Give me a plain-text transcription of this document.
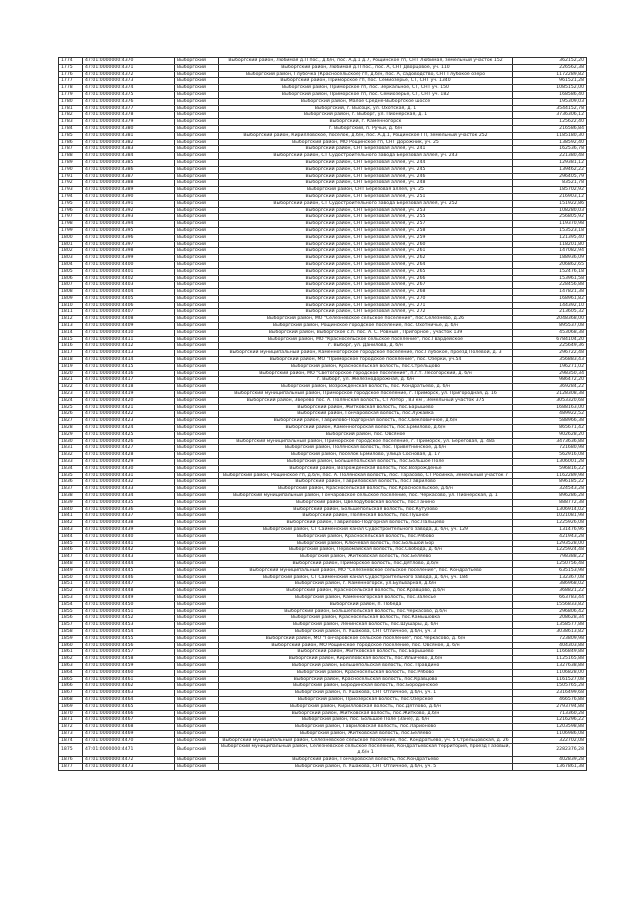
1774	47:01:0000000:4370	Выборгский	Выборгский район, Любимая д.П пос., д.б/н, пос. А.д.1 д.7, Рощинское гп, СНТ Любимая, земельный участок 152	362152,20
1775	47:01:0000000:4371	Выборгский	Выборгский район, Любимая д.П пос., пос. А, СНТ Дворцовое, уч. 110	226562,38
1776	47:01:0000000:4372	Выборгский	Выборгский район, Глубочка (Красносельское) гп, д.б/н, пос. А, садоводство, СНТ Глубокое озеро	1172289,82
1777	47:01:0000000:4373	Выборгский	Выборгский район, Приморское гп, пос. Семиозерье, СТ, СНТ уч. 1340	961521,28
1778	47:01:0000000:4374	Выборгский	Выборгский район, Приморское гп, пос. Зеркальное, СТ, СНТ уч. 150	1085152,00
1779	47:01:0000000:4375	Выборгский	Выборгский район, Приморское гп, пос. Семиозерье, СТ, СНТ уч. 182	168586,40
1780	47:01:0000000:4376	Выборгский	Выборгский район, Малое Средне-Выборгское шоссе	195309,03
1781	47:01:0000000:4377	Выборгский	Выборгский, г. Высоцк, ул. Охотская, д. 1	3544152,78
1782	47:01:0000000:4378	Выборгский	Выборгский район, г. Выборг, ул. Пионерская, д. 1	3736306,12
1783	47:01:0000000:4379	Выборгский	Выборгский, г. Каменногорск	125622,40
1784	47:01:0000000:4380	Выборгский	г. Выборгский, п. Ручьи, д. б/н	216586,84
1785	47:01:0000000:4381	Выборгский	Выборгский район, Кирилловское, поселок, д.б/н, пос. А.д.1, Рощинское ГП, земельный участок 252	1185180,30
1786	47:01:0000000:4382	Выборгский	Выборгский район, МО Рощинское гп, СНТ Дорожник, уч. 25	138592,40
1787	47:01:0000000:4383	Выборгский	Выборгский район, СНТ Березовая аллея, уч. 241	162536,78
1788	47:01:0000000:4384	Выборгский	Выборгский район, СТ Судостроительного завода Березовая аллея, уч. 243	221380,48
1789	47:01:0000000:4385	Выборгский	Выборгский район, СНТ Березовая аллея, уч. 244	129381,12
1790	47:01:0000000:4386	Выборгский	Выборгский район, СНТ Березовая аллея, уч. 245	139462,22
1791	47:01:0000000:4387	Выборгский	Выборгский район, СНТ Березовая аллея, уч. 246	296405,79
1792	47:01:0000000:4388	Выборгский	Выборгский район, СНТ Березовая аллея, уч. 248	83521,78
1793	47:01:0000000:4389	Выборгский	Выборгский район, СНТ Березовая аллея, уч. 25	185702,92
1794	47:01:0000000:4390	Выборгский	Выборгский район, СНТ Березовая аллея, уч. 251	216903,12
1795	47:01:0000000:4391	Выборгский	Выборгский район, СТ Судостроительного завода Березовая аллея, уч. 252	151922,86
1796	47:01:0000000:4392	Выборгский	Выборгский район, СНТ Березовая аллея, уч. 253	108280,03
1797	47:01:0000000:4393	Выборгский	Выборгский район, СНТ Березовая аллея, уч. 255	256805,92
1798	47:01:0000000:4394	Выборгский	Выборгский район, СНТ Березовая аллея, уч. 257	119370,98
1799	47:01:0000000:4395	Выборгский	Выборгский район, СНТ Березовая аллея, уч. 258	153523,18
1800	47:01:0000000:4396	Выборгский	Выборгский район, СНТ Березовая аллея, уч. 259	121395,40
1801	47:01:0000000:4397	Выборгский	Выборгский район, СНТ Березовая аллея, уч. 260	118201,80
1802	47:01:0000000:4398	Выборгский	Выборгский район, СНТ Березовая аллея, уч. 261	147082,94
1803	47:01:0000000:4399	Выборгский	Выборгский район, СНТ Березовая аллея, уч. 262	188936,09
1804	47:01:0000000:4400	Выборгский	Выборгский район, СНТ Березовая аллея, уч. 264	206862,65
1805	47:01:0000000:4401	Выборгский	Выборгский район, СНТ Березовая аллея, уч. 265	152476,18
1806	47:01:0000000:4402	Выборгский	Выборгский район, СНТ Березовая аллея, уч. 266	153961,58
1807	47:01:0000000:4403	Выборгский	Выборгский район, СНТ Березовая аллея, уч. 267	228456,88
1808	47:01:0000000:4404	Выборгский	Выборгский район, СНТ Березовая аллея, уч. 268	147821,38
1809	47:01:0000000:4405	Выборгский	Выборгский район, СНТ Березовая аллея, уч. 270	168961,82
1810	47:01:0000000:4406	Выборгский	Выборгский район, СНТ Березовая аллея, уч. 271	144392,10
1811	47:01:0000000:4407	Выборгский	Выборгский район, СНТ Березовая аллея, уч. 272	213605,32
1812	47:01:0000000:4408	Выборгский	Выборгский район, МО "Селезневское сельское поселение", пос.Селезнево, д.26	2048368,00
1813	47:01:0000000:4409	Выборгский	Выборгский район, Рощинское городское поселение, пос. Охотничье, д. б/н	895537,08
1814	47:01:0000000:4410	Выборгский	Выборгский район, Выборгское с.п. пос. А. С. Ровный , Пригорное , участок 139	453068,38
1815	47:01:0000000:4411	Выборгский	Выборгский район, МО "Красносельское сельское поселение", пос.Гвардейское	6784104,20
1816	47:01:0000000:4412	Выборгский	г. Выборг, ул. Данилова, д. б/н	225649,36
1817	47:01:0000000:4413	Выборгский	Выборгский муниципальный район, Каменногорское городское поселение, пос.Глубокое, проезд Полевой, д. 3	296722,48
1818	47:01:0000000:4414	Выборгский	Выборгский район, МО "Приморское городское поселение", пос. Озерки, уч.54	356883,43
1819	47:01:0000000:4415	Выборгский	Выборгский район, Красносельская волость, пос.Стрельцово	196271,02
1820	47:01:0000000:4416	Выборгский	Выборгский район, МО "Светогорское городское поселение", п.г.т. Лесогорский, д. б/н	298350,34
1821	47:01:0000000:4417	Выборгский	г. Выборг, ул. Железнодорожная, д. б/н	986472,20
1822	47:01:0000000:4418	Выборгский	Выборгский район, Возрожденская волость, пос. Кондратьево, д. б/н	369284,22
1823	47:01:0000000:4419	Выборгский	Выборгский муниципальный район, Приморское городское поселение, г. Приморск, ул. Пригородная, д. 16	2128308,38
1824	47:01:0000000:4420	Выборгский	Выборгский район, Зверево пос. А. Полянская волость, СТ Аэтор , 83 км , Земельный участок 375	3053320,68
1825	47:01:0000000:4421	Выборгский	Выборгский район, Житковская волость, пос.Барышево	1688163,00
1826	47:01:0000000:4422	Выборгский	Выборгский район, Гончаровская волость, пос.Лужайка	489922,52
1827	47:01:0000000:4423	Выборгский	Выборгский район, Гаврилово-Подгорная волость, пос.Свекловичное, д.б/н	588966,38
1828	47:01:0000000:4424	Выборгский	Выборгский район, Каменногорская волость, пос.Ермилово, д.б/н	865671,42
1829	47:01:0000000:4425	Выборгский	Выборгский район, пос. Овсяное	902628,20
1830	47:01:0000000:4426	Выборгский	Выборгский муниципальный район, Приморское городское поселение, г. Приморск, ул. Береговая, д. 48а	3473636,88
1831	47:01:0000000:4427	Выборгский	Выборгский район, Полянская волость, пос. Приветнинское, д.б/н	721680,98
1832	47:01:0000000:4428	Выборгский	Выборгский район, поселок Ермилово, улица Сосновая, д. 17	562916,08
1833	47:01:0000000:4429	Выборгский	Выборгский район, Большепольская волость, пос.Большое Поле	1306001,28
1834	47:01:0000000:4430	Выборгский	Выборгский район, Возрожденская волость, пос.Возрожденье	596816,22
1835	47:01:0000000:4431	Выборгский	Выборгский район, Рощинское гп, д.б/н, пос. А. Полянская волость, пос. Тарасово, СТ Росинка, Земельный участок 7	1162289,98
1836	47:01:0000000:4432	Выборгский	Выборгский район, Гавриловская волость, пос.Гаврилово	896185,22
1837	47:01:0000000:4433	Выборгский	Выборгский район, Красносельская волость, пос.Красносельское, д.б/н	324543,28
1838	47:01:0000000:4434	Выборгский	Выборгский муниципальный район, Гончаровское сельское поселение, пос. Черкасово, ул. Пионерская, д. 1	896286,28
1839	47:01:0000000:4435	Выборгский	Выборгский район, Цвелодубовская волость, пос.Ганино	888772,38
1840	47:01:0000000:4436	Выборгский	Выборгский район, Большепольская волость, пос.Кутузово	1306914,02
1841	47:01:0000000:4437	Выборгский	Выборгский район, Полянская волость, пос.Пушное	1021081,98
1842	47:01:0000000:4438	Выборгский	Выборгский район, Гаврилово-Подгорная волость, пос.Пальцево	1225926,08
1843	47:01:0000000:4439	Выборгский	Выборгский район, СТ Сайменский канал Судостроительного завода, д. б/н, уч. 129	131476,96
1844	47:01:0000000:4440	Выборгский	Выборгский район, Красносельская волость, пос.Рябово	421943,28
1845	47:01:0000000:4441	Выборгский	Выборгский район, Ключевая волость, пос.Большой Бор	1293528,00
1846	47:01:0000000:4442	Выборгский	Выборгский район, Первомайская волость, пос.Свобода, д. б/н	1225924,48
1847	47:01:0000000:4443	Выборгский	Выборгский район, Житковская волость, пос.Беляево	798388,22
1848	47:01:0000000:4444	Выборгский	Выборгский район, Приморское волость, пос.Дятлово, д.б/н	1250756,48
1849	47:01:0000000:4445	Выборгский	Выборгский муниципальный район, МО "Селезневское сельское поселение", пос. Кондратьево	635153,98
1850	47:01:0000000:4446	Выборгский	Выборгский район, СТ Сайменский канал Судостроительного завода, д. б/н, уч. 184	132367,08
1851	47:01:0000000:4447	Выборгский	Выборгский район, г. Каменногорск, ул.Бульварная, д.б/н	386968,02
1852	47:01:0000000:4448	Выборгский	Выборгский район, Красносельская волость, пос.Кравцово, д.б/н	368821,22
1853	47:01:0000000:4449	Выборгский	Выборгский район, Каменногорская волость, пос.Залесье	663783,44
1854	47:01:0000000:4450	Выборгский	Выборгский район, п. Победа	1556833,82
1855	47:01:0000000:4451	Выборгский	Выборгский район, Большепольская волость, пос.Черкасово, д.б/н	296806,42
1856	47:01:0000000:4452	Выборгский	Выборгский район, Красносельская волость, пос.Камышовка	208628,34
1857	47:01:0000000:4453	Выборгский	Выборгский район, Ленинская волость, пос.Шушары, д. б/н	1358577,88
1858	47:01:0000000:4454	Выборгский	Выборгский район, п. Ушакова, СНТ Отличное, д.б/н, уч. 3	3038613,82
1859	47:01:0000000:4455	Выборгский	Выборгский район, МО "Гончаровское сельское поселение", пос.Черкасово, д. б/н	723809,98
1860	47:01:0000000:4456	Выборгский	Выборгский район, МО Рощинское городское поселение, пос. Овсяное, д. б/н	404303,88
1861	47:01:0000000:4457	Выборгский	Выборгский район, Житковская волость, пос.Барышево	1166849,88
1862	47:01:0000000:4458	Выборгский	Выборгский район, Кирилловская волость, пос.Ильичево, д.б/н	1125165,88
1863	47:01:0000000:4459	Выборгский	Выборгский район, Большепольская волость, пос. Правдино	1327638,88
1864	47:01:0000000:4460	Выборгский	Выборгский район, Красносельская волость, пос.Рябово	1106828,00
1865	47:01:0000000:4461	Выборгский	Выборгский район, Красносельская волость, пос.Кравцово	1161527,08
1866	47:01:0000000:4462	Выборгский	Выборгский район, Бородинская волость, пос.Бородинское	1505765,28
1867	47:01:0000000:4463	Выборгский	Выборгский район, п. Ушакова, СНТ Отличное, д.б/н, уч. 1	2316499,68
1868	47:01:0000000:4464	Выборгский	Выборгский район, Приозерская волость, пос.Озерское	466576,88
1869	47:01:0000000:4465	Выборгский	Выборгский район, Кирилловская волость, пос.Дятлово, д.б/н	2793794,88
1870	47:01:0000000:4466	Выборгский	Выборгский район, Житковская волость, пос.Житково, д.б/н	713360,28
1871	47:01:0000000:4467	Выборгский	Выборгский район, пос. Большое Поле (Зане), д. б/н	1216296,22
1872	47:01:0000000:4468	Выборгский	Выборгский район, Гавриловская волость, пос.Ларионово	1203598,88
1873	47:01:0000000:4469	Выборгский	Выборгский район, Житковская волость, пос.Беляево	1106986,08
1874	47:01:0000000:4470	Выборгский	Выборгский муниципальный район, Селезневское сельское поселение, пос. Кондратьево, уч. 5 Стрельцовская, д. 26	322702,08
1875	47:01:0000000:4471	Выборгский	Выборгский муниципальный район, Селезневское сельское поселение, Кондратьевская территория, проезд Газовый, д.б/н 1	2282376,28
1876	47:01:0000000:4472	Выборгский	Выборгский район, Гончаровская волость, пос.Кондратьево	402839,28
1877	47:01:0000000:4473	Выборгский	Выборгский район, п. Ушакова, СНТ Отличное, д.б/н, уч. 5	1367861,38
